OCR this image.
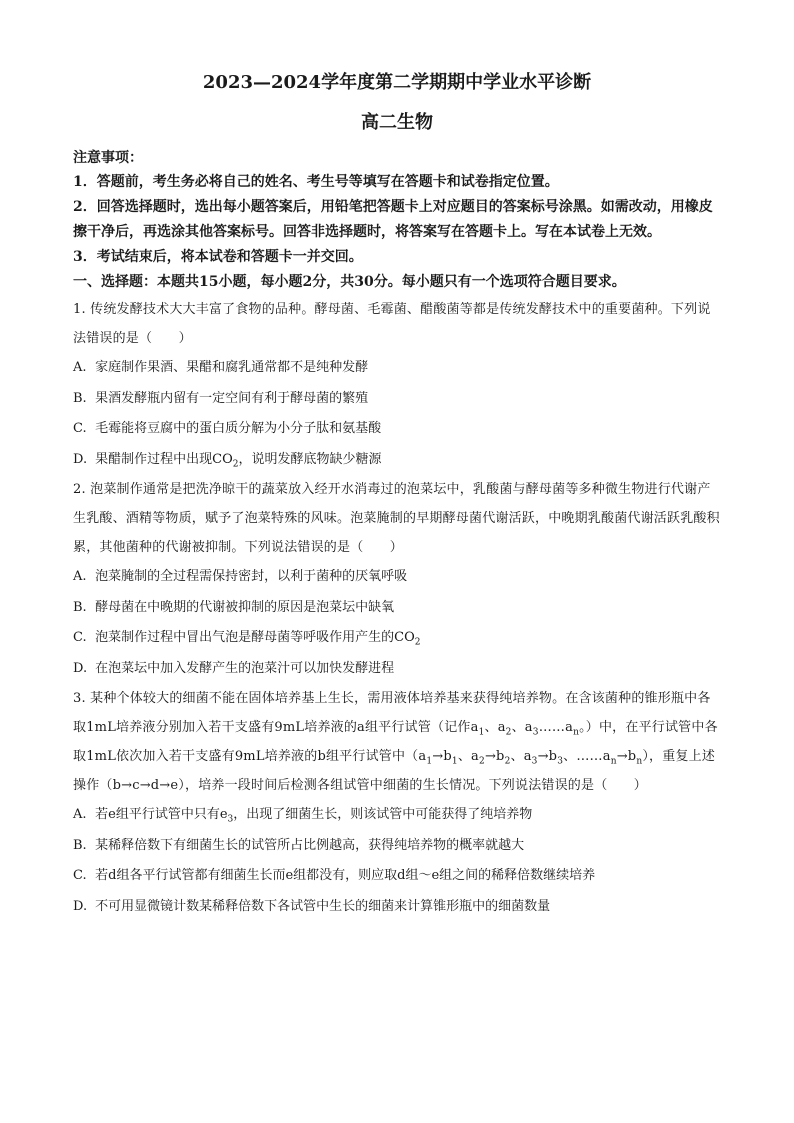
2023—2024学年度第二学期期中学业水平诊断
高二生物
注意事项：

1．答题前，考生务必将自己的姓名、考生号等填写在答题卡和试卷指定位置。

2．回答选择题时，选出每小题答案后，用铅笔把答题卡上对应题目的答案标号涂黑。如需改动，用橡皮擦干净后，再选涂其他答案标号。回答非选择题时，将答案写在答题卡上。写在本试卷上无效。

3．考试结束后，将本试卷和答题卡一并交回。

一、选择题：本题共15小题，每小题2分，共30分。每小题只有一个选项符合题目要求。

1. 传统发酵技术大大丰富了食物的品种。酵母菌、毛霉菌、醋酸菌等都是传统发酵技术中的重要菌种。下列说法错误的是（　　）

A. 家庭制作果酒、果醋和腐乳通常都不是纯种发酵

B. 果酒发酵瓶内留有一定空间有利于酵母菌的繁殖

C. 毛霉能将豆腐中的蛋白质分解为小分子肽和氨基酸

D. 果醋制作过程中出现$CO_2$，说明发酵底物缺少糖源

2. 泡菜制作通常是把洗净晾干的蔬菜放入经开水消毒过的泡菜坛中，乳酸菌与酵母菌等多种微生物进行代谢产生乳酸、酒精等物质，赋予了泡菜特殊的风味。泡菜腌制的早期酵母菌代谢活跃，中晚期乳酸菌代谢活跃乳酸积累，其他菌种的代谢被抑制。下列说法错误的是（　　）

A. 泡菜腌制的全过程需保持密封，以利于菌种的厌氧呼吸

B. 酵母菌在中晚期的代谢被抑制的原因是泡菜坛中缺氧

C. 泡菜制作过程中冒出气泡是酵母菌等呼吸作用产生的$CO_2$

D. 在泡菜坛中加入发酵产生的泡菜汁可以加快发酵进程

3. 某种个体较大的细菌不能在固体培养基上生长，需用液体培养基来获得纯培养物。在含该菌种的锥形瓶中各取1mL培养液分别加入若干支盛有9mL培养液的a组平行试管（记作$a_1$、$a_2$、$a_3\dots\dots a_n$。）中，在平行试管中各取1mL依次加入若干支盛有9mL培养液的b组平行试管中（$a_1\to b_1$、$a_2\to b_2$、$a_3\to b_3$、$\dots\dots a_n\to b_n$），重复上述操作（b→c→d→e），培养一段时间后检测各组试管中细菌的生长情况。下列说法错误的是（　　）

A. 若e组平行试管中只有$e_3$，出现了细菌生长，则该试管中可能获得了纯培养物

B. 某稀释倍数下有细菌生长的试管所占比例越高，获得纯培养物的概率就越大

C. 若d组各平行试管都有细菌生长而e组都没有，则应取d组～e组之间的稀释倍数继续培养

D. 不可用显微镜计数某稀释倍数下各试管中生长的细菌来计算锥形瓶中的细菌数量
